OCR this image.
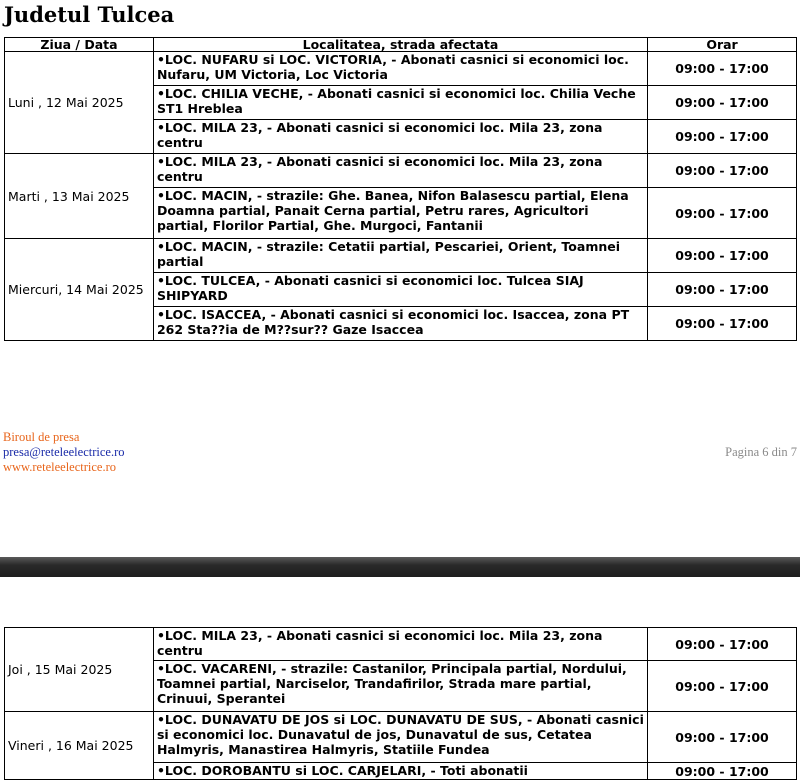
Judetul Tulcea
Ziua / Data	Localitatea, strada afectata	Orar
Luni , 12 Mai 2025	•LOC. NUFARU si LOC. VICTORIA, - Abonati casnici si economici loc. Nufaru, UM Victoria, Loc Victoria	09:00 - 17:00
	•LOC. CHILIA VECHE, - Abonati casnici si economici loc. Chilia Veche ST1 Hreblea	09:00 - 17:00
	•LOC. MILA 23, - Abonati casnici si economici loc. Mila 23, zona centru	09:00 - 17:00
Marti , 13 Mai 2025	•LOC. MILA 23, - Abonati casnici si economici loc. Mila 23, zona centru	09:00 - 17:00
	•LOC. MACIN, - strazile: Ghe. Banea, Nifon Balasescu partial, Elena Doamna partial, Panait Cerna partial, Petru rares, Agricultori partial, Florilor Partial, Ghe. Murgoci, Fantanii	09:00 - 17:00
Miercuri, 14 Mai 2025	•LOC. MACIN, - strazile: Cetatii partial, Pescariei, Orient, Toamnei partial	09:00 - 17:00
	•LOC. TULCEA, - Abonati casnici si economici loc. Tulcea SIAJ SHIPYARD	09:00 - 17:00
	•LOC. ISACCEA, - Abonati casnici si economici loc. Isaccea, zona PT 262 Sta??ia de M??sur?? Gaze Isaccea	09:00 - 17:00
Biroul de presa
presa@reteleelectrice.ro
www.reteleelectrice.ro
Pagina 6 din 7
Joi , 15 Mai 2025	•LOC. MILA 23, - Abonati casnici si economici loc. Mila 23, zona centru	09:00 - 17:00
	•LOC. VACARENI, - strazile: Castanilor, Principala partial, Nordului, Toamnei partial, Narciselor, Trandafirilor, Strada mare partial, Crinuui, Sperantei	09:00 - 17:00
Vineri , 16 Mai 2025	•LOC. DUNAVATU DE JOS si LOC. DUNAVATU DE SUS, - Abonati casnici si economici loc. Dunavatul de jos, Dunavatul de sus, Cetatea Halmyris, Manastirea Halmyris, Statiile Fundea	09:00 - 17:00
	•LOC. DOROBANTU si LOC. CARJELARI, - Toti abonatii	09:00 - 17:00
